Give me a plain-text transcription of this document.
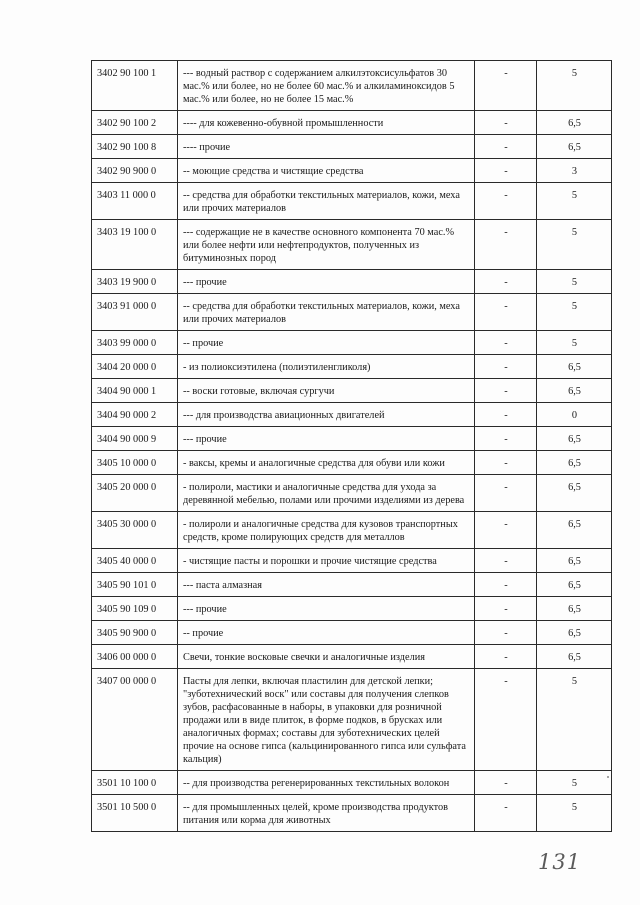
3402 90 100 1	--- водный раствор с содержанием алкилэтоксисульфатов 30 мас.% или более, но не более 60 мас.% и алкиламиноксидов 5 мас.% или более, но не более 15 мас.%	-	5
3402 90 100 2	---- для кожевенно-обувной промышленности	-	6,5
3402 90 100 8	---- прочие	-	6,5
3402 90 900 0	-- моющие средства и чистящие средства	-	3
3403 11 000 0	-- средства для обработки текстильных материалов, кожи, меха или прочих материалов	-	5
3403 19 100 0	--- содержащие не в качестве основного компонента 70 мас.% или более нефти или нефтепродуктов, полученных из битуминозных пород	-	5
3403 19 900 0	--- прочие	-	5
3403 91 000 0	-- средства для обработки текстильных материалов, кожи, меха или прочих материалов	-	5
3403 99 000 0	-- прочие	-	5
3404 20 000 0	- из полиоксиэтилена (полиэтиленгликоля)	-	6,5
3404 90 000 1	-- воски готовые, включая сургучи	-	6,5
3404 90 000 2	--- для производства авиационных двигателей	-	0
3404 90 000 9	--- прочие	-	6,5
3405 10 000 0	- ваксы, кремы и аналогичные средства для обуви или кожи	-	6,5
3405 20 000 0	- полироли, мастики и аналогичные средства для ухода за деревянной мебелью, полами или прочими изделиями из дерева	-	6,5
3405 30 000 0	- полироли и аналогичные средства для кузовов транспортных средств, кроме полирующих средств для металлов	-	6,5
3405 40 000 0	- чистящие пасты и порошки и прочие чистящие средства	-	6,5
3405 90 101 0	--- паста алмазная	-	6,5
3405 90 109 0	--- прочие	-	6,5
3405 90 900 0	-- прочие	-	6,5
3406 00 000 0	Свечи, тонкие восковые свечки и аналогичные изделия	-	6,5
3407 00 000 0	Пасты для лепки, включая пластилин для детской лепки; "зуботехнический воск" или составы для получения слепков зубов, расфасованные в наборы, в упаковки для розничной продажи или в виде плиток, в форме подков, в брусках или аналогичных формах; составы для зуботехнических целей прочие на основе гипса (кальцинированного гипса или сульфата кальция)	-	5
3501 10 100 0	-- для производства регенерированных текстильных волокон	-	5
3501 10 500 0	-- для промышленных целей, кроме производства продуктов питания или корма для животных	-	5
131
